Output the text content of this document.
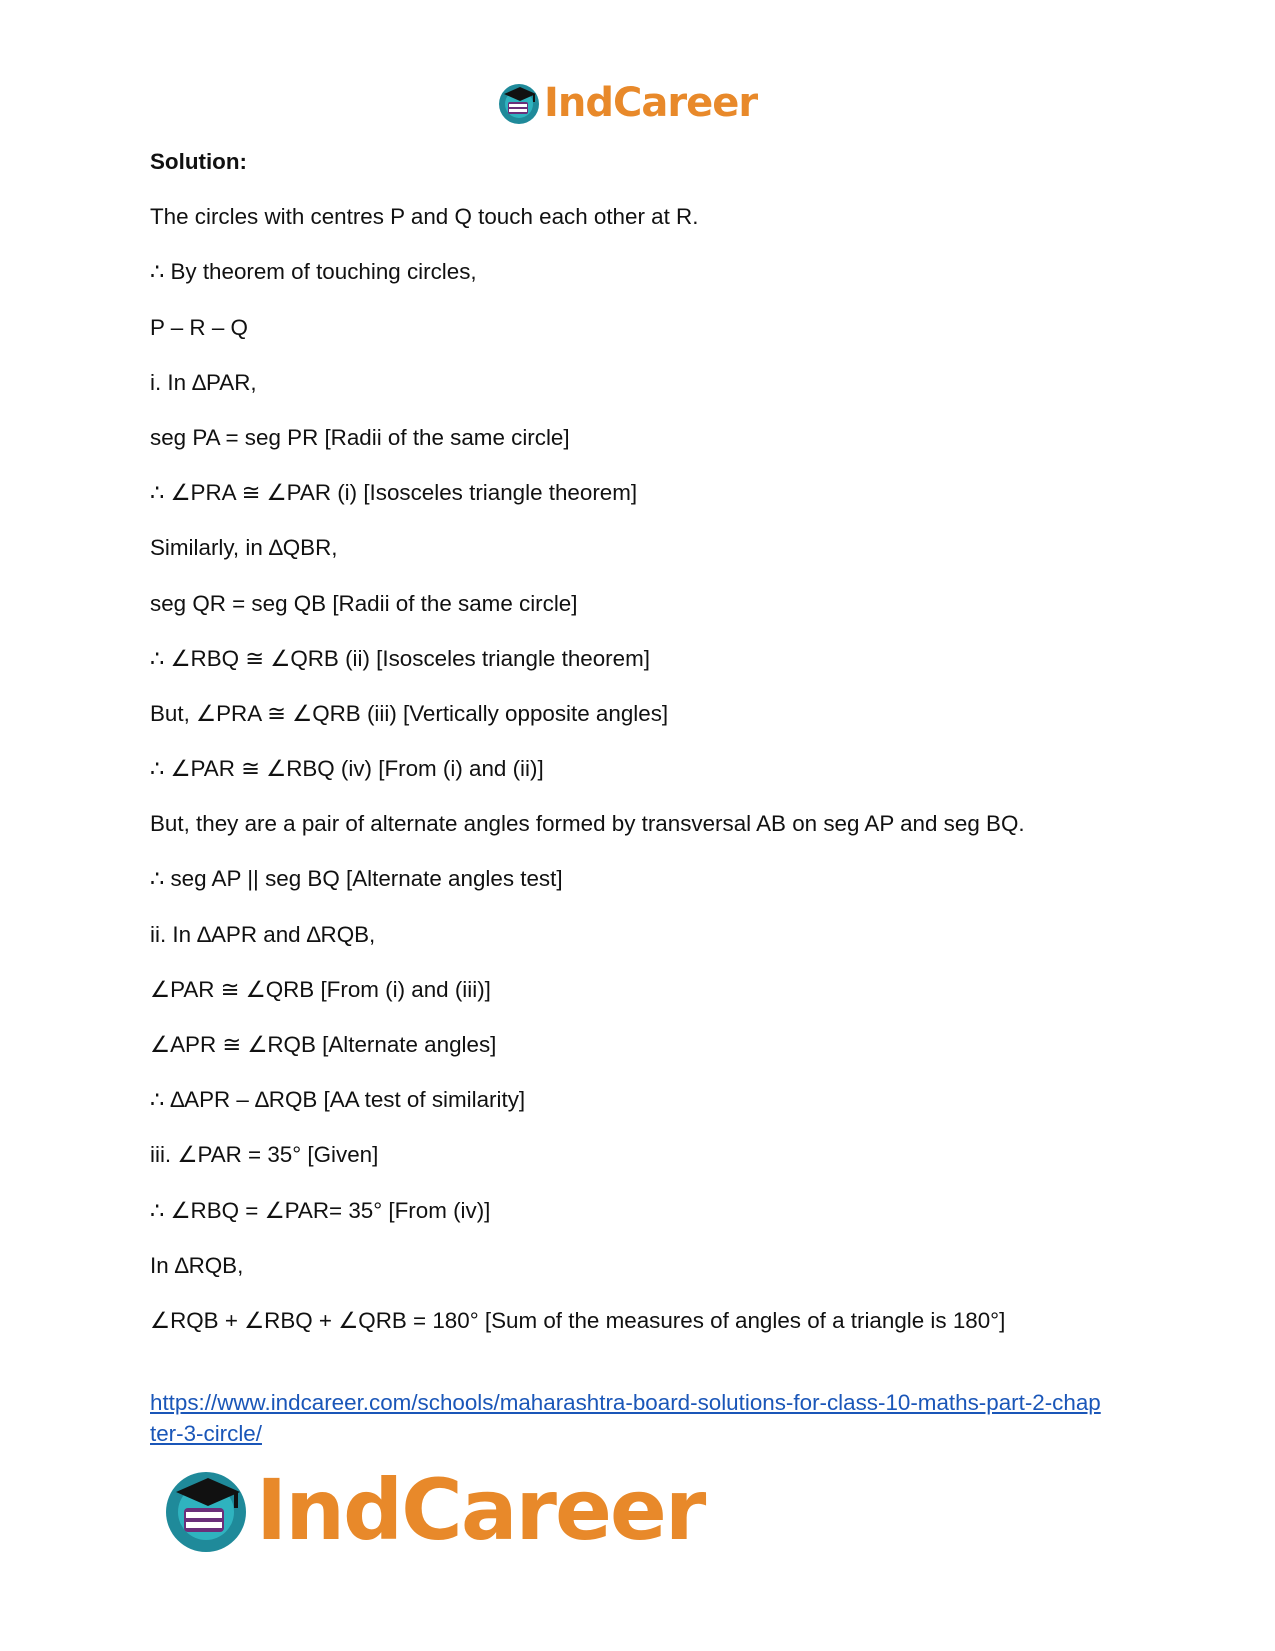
IndCareer
Solution:
The circles with centres P and Q touch each other at R.
∴ By theorem of touching circles,
P – R – Q
i. In ∆PAR,
seg PA = seg PR [Radii of the same circle]
∴ ∠PRA ≅ ∠PAR (i) [Isosceles triangle theorem]
Similarly, in ∆QBR,
seg QR = seg QB [Radii of the same circle]
∴ ∠RBQ ≅ ∠QRB (ii) [Isosceles triangle theorem]
But, ∠PRA ≅ ∠QRB (iii) [Vertically opposite angles]
∴ ∠PAR ≅ ∠RBQ (iv) [From (i) and (ii)]
But, they are a pair of alternate angles formed by transversal AB on seg AP and seg BQ.
∴ seg AP || seg BQ [Alternate angles test]
ii. In ∆APR and ∆RQB,
∠PAR ≅ ∠QRB [From (i) and (iii)]
∠APR ≅ ∠RQB [Alternate angles]
∴ ∆APR – ∆RQB [AA test of similarity]
iii. ∠PAR = 35° [Given]
∴ ∠RBQ = ∠PAR= 35° [From (iv)]
In ∆RQB,
∠RQB + ∠RBQ + ∠QRB = 180° [Sum of the measures of angles of a triangle is 180°]
https://www.indcareer.com/schools/maharashtra-board-solutions-for-class-10-maths-part-2-chap
ter-3-circle/
IndCareer
